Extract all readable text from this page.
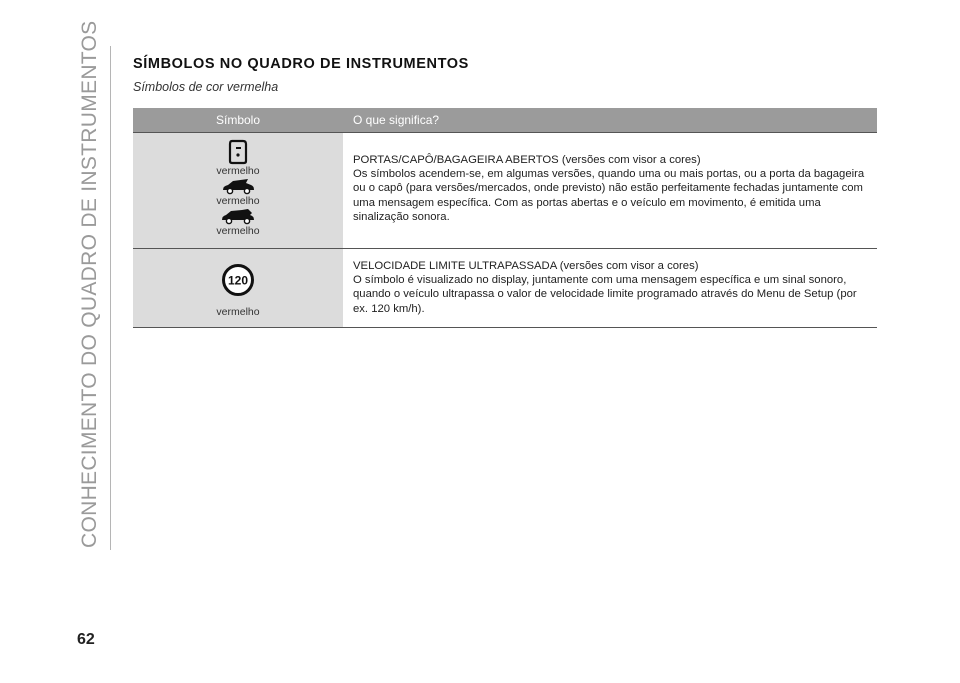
CONHECIMENTO DO QUADRO DE INSTRUMENTOS SÍMBOLOS NO QUADRO DE INSTRUMENTOS
Símbolos de cor vermelha
Símbolo	O que significa?
vermelho
vermelho
vermelho
PORTAS/CAPÔ/BAGAGEIRA ABERTOS (versões com visor a cores)
Os símbolos acendem-se, em algumas versões, quando uma ou mais portas, ou a porta da bagageira ou o capô (para versões/mercados, onde previsto) não estão perfeitamente fechadas juntamente com uma mensagem específica. Com as portas abertas e o veículo em movimento, é emitida uma sinalização sonora.
120
vermelho
VELOCIDADE LIMITE ULTRAPASSADA (versões com visor a cores)
O símbolo é visualizado no display, juntamente com uma mensagem específica e um sinal sonoro, quando o veículo ultrapassa o valor de velocidade limite programado através do Menu de Setup (por ex. 120 km/h).
62
